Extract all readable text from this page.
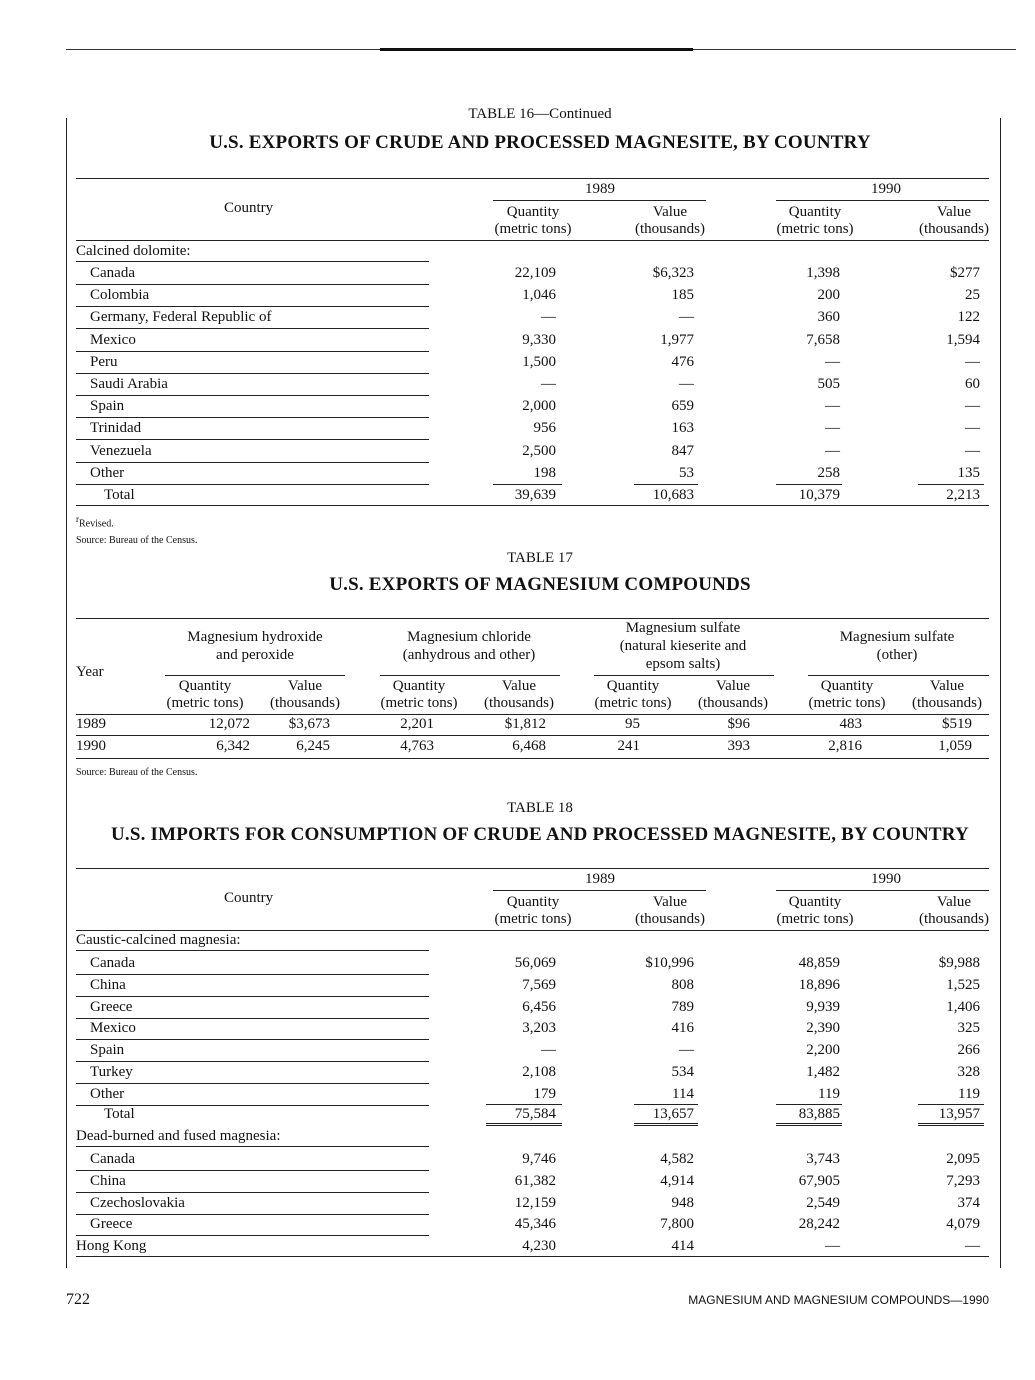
TABLE 16—Continued
U.S. EXPORTS OF CRUDE AND PROCESSED MAGNESITE, BY COUNTRY
Country
1989	1990
Quantity
(metric tons)
Value
(thousands)
Quantity
(metric tons)
Value
(thousands)
Calcined dolomite:
Canada	22,109	$6,323	1,398	$277
Colombia	1,046	185	200	25
Germany, Federal Republic of	—	—	360	122
Mexico	9,330	1,977	7,658	1,594
Peru	1,500	476	—	—
Saudi Arabia	—	—	505	60
Spain	2,000	659	—	—
Trinidad	956	163	—	—
Venezuela	2,500	847	—	—
Other	198	53	258	135
Total	39,639	10,683	10,379	2,213
$^r$Revised.
Source: Bureau of the Census.
TABLE 17
U.S. EXPORTS OF MAGNESIUM COMPOUNDS
Year
Magnesium hydroxide
and peroxide
Magnesium chloride
(anhydrous and other)
Magnesium sulfate
(natural kieserite and
epsom salts)
Magnesium sulfate
(other)
Quantity
(metric tons)
Value
(thousands)
Quantity
(metric tons)
Value
(thousands)
Quantity
(metric tons)
Value
(thousands)
Quantity
(metric tons)
Value
(thousands)
1989	12,072	$3,673	2,201	$1,812	95	$96	483	$519
1990	6,342	6,245	4,763	6,468	241	393	2,816	1,059
Source: Bureau of the Census.
TABLE 18
U.S. IMPORTS FOR CONSUMPTION OF CRUDE AND PROCESSED MAGNESITE, BY COUNTRY
Country
1989	1990
Quantity
(metric tons)
Value
(thousands)
Quantity
(metric tons)
Value
(thousands)
Caustic-calcined magnesia:
Canada	56,069	$10,996	48,859	$9,988
China	7,569	808	18,896	1,525
Greece	6,456	789	9,939	1,406
Mexico	3,203	416	2,390	325
Spain	—	—	2,200	266
Turkey	2,108	534	1,482	328
Other	179	114	119	119
Total	75,584	13,657	83,885	13,957
Dead-burned and fused magnesia:
Canada	9,746	4,582	3,743	2,095
China	61,382	4,914	67,905	7,293
Czechoslovakia	12,159	948	2,549	374
Greece	45,346	7,800	28,242	4,079
Hong Kong	4,230	414	—	—
722	MAGNESIUM AND MAGNESIUM COMPOUNDS—1990
